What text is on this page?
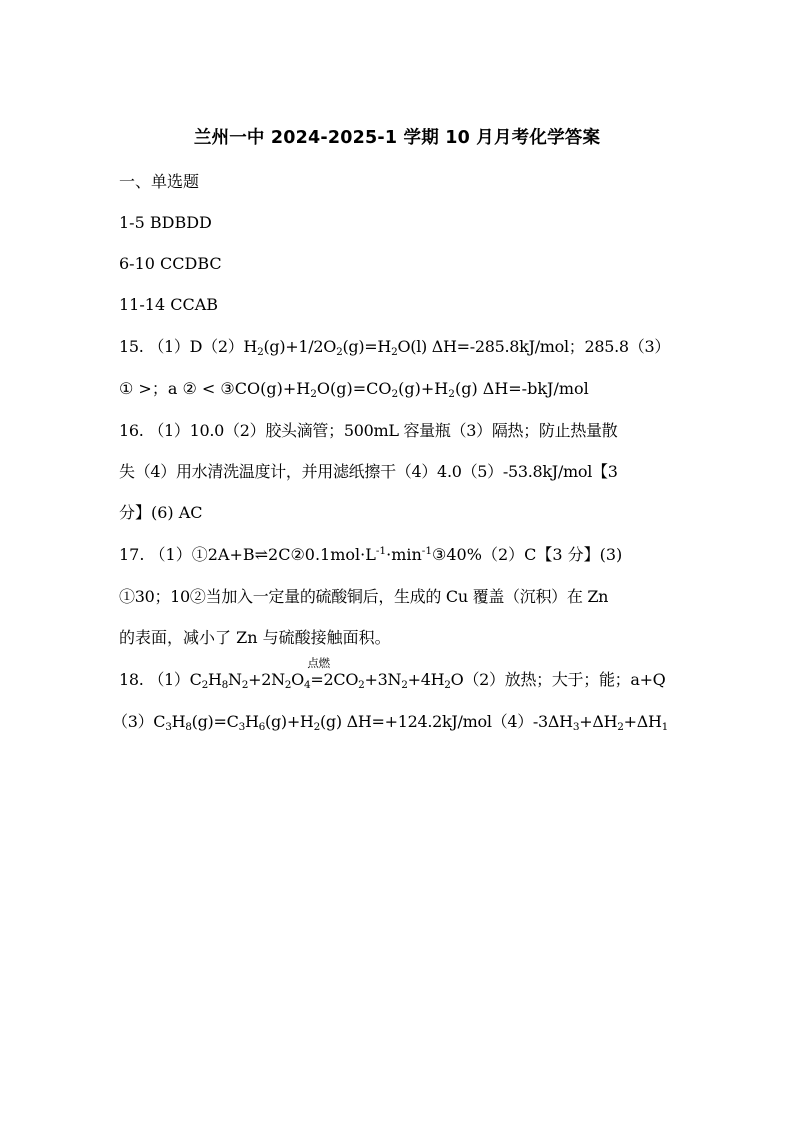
兰州一中 2024-2025-1 学期 10 月月考化学答案
一、单选题
1-5 BDBDD
6-10 CCDBC
11-14 CCAB
15. $(1)D(2)H_2(g)+1/2O_2(g)=H_2O(l)$ ΔH=-285.8kJ/mol；285.8（3）
① >；a ② < $③CO(g)+H_2O(g)=CO_2(g)+H_2(g)$ ΔH=-bkJ/mol
16. （1）10.0（2）胶头滴管；500mL 容量瓶（3）隔热；防止热量散
失（4）用水清洗温度计，并用滤纸擦干（4）4.0（5）-53.8kJ/mol【3
分】(6) AC
17. $(1)①2A+B\rightleftharpoons 2C②0.1mol\cdot L^{-1}\cdot\min^{-1}③40\%(2)C$【3 分】(3)
①30；10②当加入一定量的硫酸铜后，生成的 Cu 覆盖（沉积）在 Zn
的表面，减小了 Zn 与硫酸接触面积。
18. $(1)C_2H_8N_2+2N_2O_4$
点燃
$=2CO_2+3N_2+4H_2O(2)$放热；大于；能；a+Q
$(3)C_3H_8(g)=C_3H_6(g)+H_2(g)$ $\Delta H=+124.2kJ/mol(4)-3\Delta H_3+\Delta H_2+\Delta H_1$
